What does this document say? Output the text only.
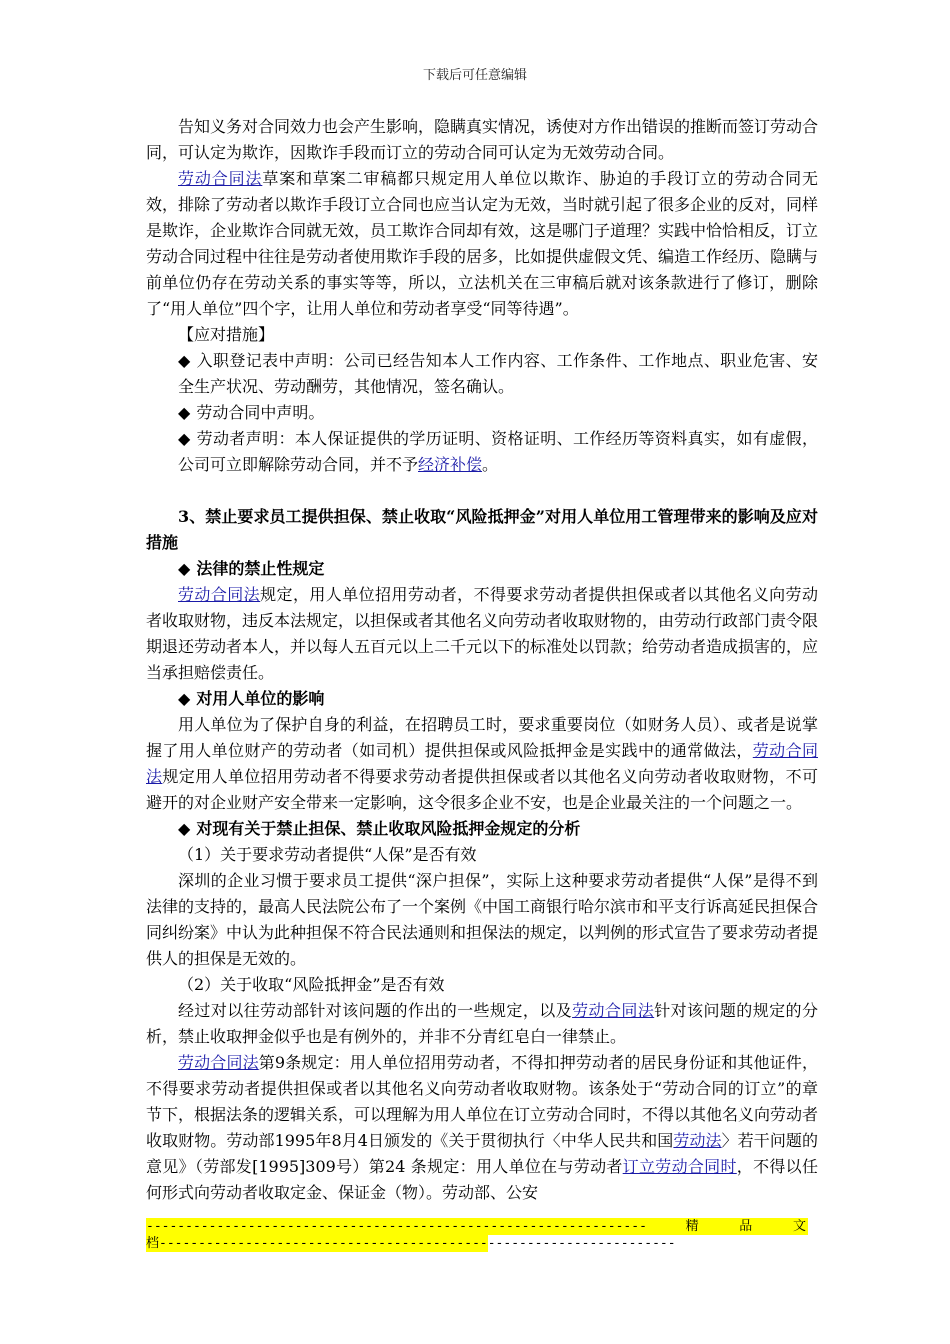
下载后可任意编辑

告知义务对合同效力也会产生影响，隐瞒真实情况，诱使对方作出错误的推断而签订劳动合同，可认定为欺诈，因欺诈手段而订立的劳动合同可认定为无效劳动合同。

劳动合同法草案和草案二审稿都只规定用人单位以欺诈、胁迫的手段订立的劳动合同无效，排除了劳动者以欺诈手段订立合同也应当认定为无效，当时就引起了很多企业的反对，同样是欺诈，企业欺诈合同就无效，员工欺诈合同却有效，这是哪门子道理？实践中恰恰相反，订立劳动合同过程中往往是劳动者使用欺诈手段的居多，比如提供虚假文凭、编造工作经历、隐瞒与前单位仍存在劳动关系的事实等等，所以，立法机关在三审稿后就对该条款进行了修订，删除了“用人单位”四个字，让用人单位和劳动者享受“同等待遇”。

【应对措施】

◆ 入职登记表中声明：公司已经告知本人工作内容、工作条件、工作地点、职业危害、安全生产状况、劳动酬劳，其他情况，签名确认。

◆ 劳动合同中声明。

◆ 劳动者声明：本人保证提供的学历证明、资格证明、工作经历等资料真实，如有虚假，公司可立即解除劳动合同，并不予经济补偿。

3、禁止要求员工提供担保、禁止收取“风险抵押金”对用人单位用工管理带来的影响及应对措施

◆ 法律的禁止性规定

劳动合同法规定，用人单位招用劳动者，不得要求劳动者提供担保或者以其他名义向劳动者收取财物，违反本法规定，以担保或者其他名义向劳动者收取财物的，由劳动行政部门责令限期退还劳动者本人，并以每人五百元以上二千元以下的标准处以罚款；给劳动者造成损害的，应当承担赔偿责任。

◆ 对用人单位的影响

用人单位为了保护自身的利益，在招聘员工时，要求重要岗位（如财务人员）、或者是说掌握了用人单位财产的劳动者（如司机）提供担保或风险抵押金是实践中的通常做法，劳动合同法规定用人单位招用劳动者不得要求劳动者提供担保或者以其他名义向劳动者收取财物，不可避开的对企业财产安全带来一定影响，这令很多企业不安，也是企业最关注的一个问题之一。

◆ 对现有关于禁止担保、禁止收取风险抵押金规定的分析

（1）关于要求劳动者提供“人保”是否有效

深圳的企业习惯于要求员工提供“深户担保”，实际上这种要求劳动者提供“人保”是得不到法律的支持的，最高人民法院公布了一个案例《中国工商银行哈尔滨市和平支行诉高延民担保合同纠纷案》中认为此种担保不符合民法通则和担保法的规定，以判例的形式宣告了要求劳动者提供人的担保是无效的。

（2）关于收取“风险抵押金”是否有效

经过对以往劳动部针对该问题的作出的一些规定，以及劳动合同法针对该问题的规定的分析，禁止收取押金似乎也是有例外的，并非不分青红皂白一律禁止。

劳动合同法第9条规定：用人单位招用劳动者，不得扣押劳动者的居民身份证和其他证件，不得要求劳动者提供担保或者以其他名义向劳动者收取财物。该条处于“劳动合同的订立”的章节下，根据法条的逻辑关系，可以理解为用人单位在订立劳动合同时，不得以其他名义向劳动者收取财物。劳动部1995年8月4日颁发的《关于贯彻执行〈中华人民共和国劳动法〉若干问题的意见》（劳部发[1995]309号）第24 条规定：用人单位在与劳动者订立劳动合同时，不得以任何形式向劳动者收取定金、保证金（物）。劳动部、公安

----------------------------------------------------------------	精	品	文
档------------------------------------------------------------------
